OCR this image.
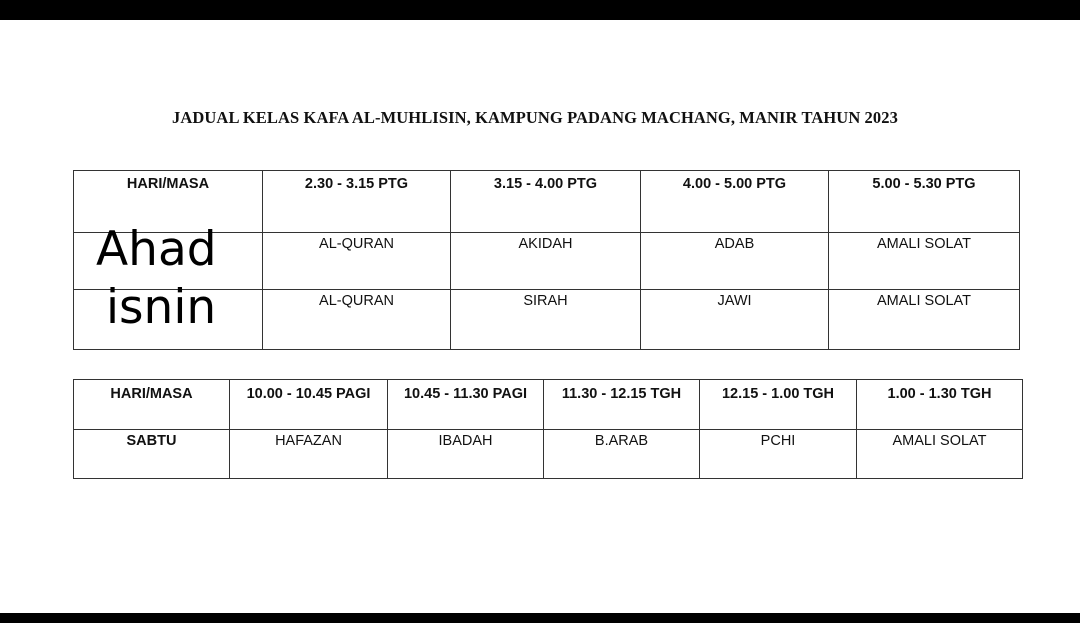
JADUAL KELAS KAFA AL-MUHLISIN, KAMPUNG PADANG MACHANG, MANIR TAHUN 2023
HARI/MASA	2.30 - 3.15 PTG	3.15 - 4.00 PTG	4.00 - 5.00 PTG	5.00 - 5.30 PTG

Ahad	AL-QURAN	AKIDAH	ADAB	AMALI SOLAT

isnin	AL-QURAN	SIRAH	JAWI	AMALI SOLAT
HARI/MASA	10.00 - 10.45 PAGI	10.45 - 11.30 PAGI	11.30 - 12.15 TGH	12.15 - 1.00 TGH	1.00 - 1.30 TGH

SABTU	HAFAZAN	IBADAH	B.ARAB	PCHI	AMALI SOLAT
